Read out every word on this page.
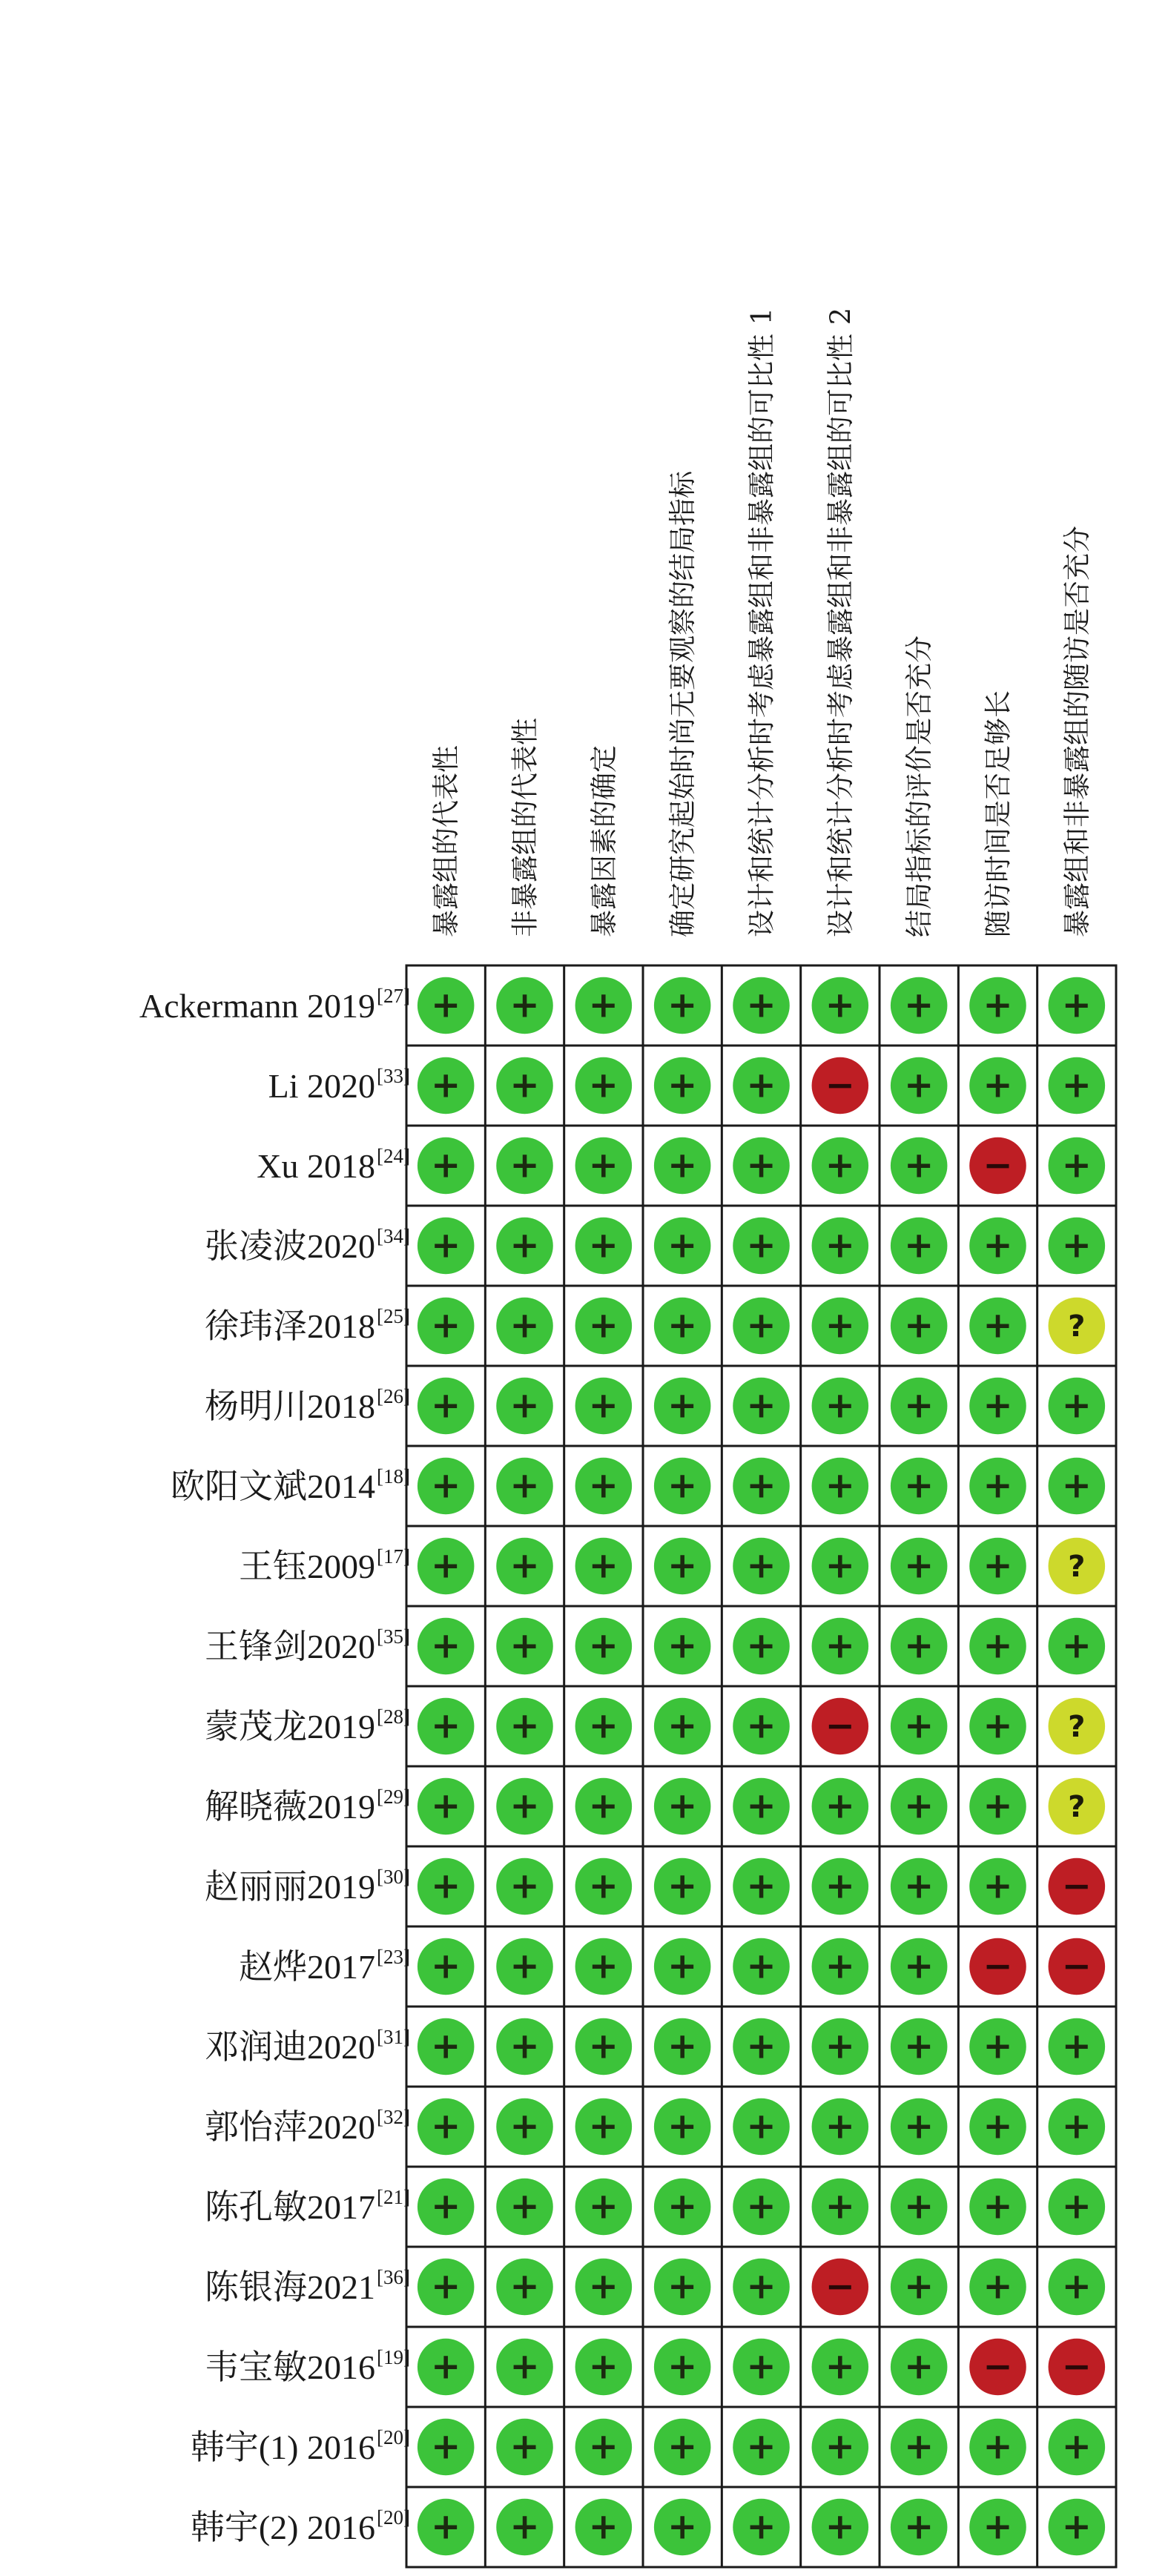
暴露组的代表性 非暴露组的代表性 暴露因素的确定 确定研究起始时尚无要观察的结局指标 设计和统计分析时考虑暴露组和非暴露组的可比性 1 设计和统计分析时考虑暴露组和非暴露组的可比性 2 结局指标的评价是否充分 随访时间是否足够长 暴露组和非暴露组的随访是否充分
Ackermann 2019 [27]
Li 2020 [33]
Xu 2018 [24]
张凌波2020 [34]
徐玮泽2018 [25]
杨明川2018 [26]
欧阳文斌2014 [18]
王钰2009 [17]
王锋剑2020 [35]
蒙茂龙2019 [28]
解晓薇2019 [29]
赵丽丽2019 [30]
赵烨2017 [23]
邓润迪2020 [31]
郭怡萍2020 [32]
陈孔敏2017 [21]
陈银海2021 [36]
韦宝敏2016 [19]
韩宇(1) 2016 [20]
韩宇(2) 2016 [20]
+ + + + + + + + +
+ + + + + − + + +
+ + + + + + + − +
+ + + + + + + + +
+ + + + + + + + ?
+ + + + + + + + +
+ + + + + + + + +
+ + + + + + + + ?
+ + + + + + + + +
+ + + + + − + + ?
+ + + + + + + + ?
+ + + + + + + + −
+ + + + + + + − −
+ + + + + + + + +
+ + + + + + + + +
+ + + + + + + + +
+ + + + + − + + +
+ + + + + + + − −
+ + + + + + + + +
+ + + + + + + + +
